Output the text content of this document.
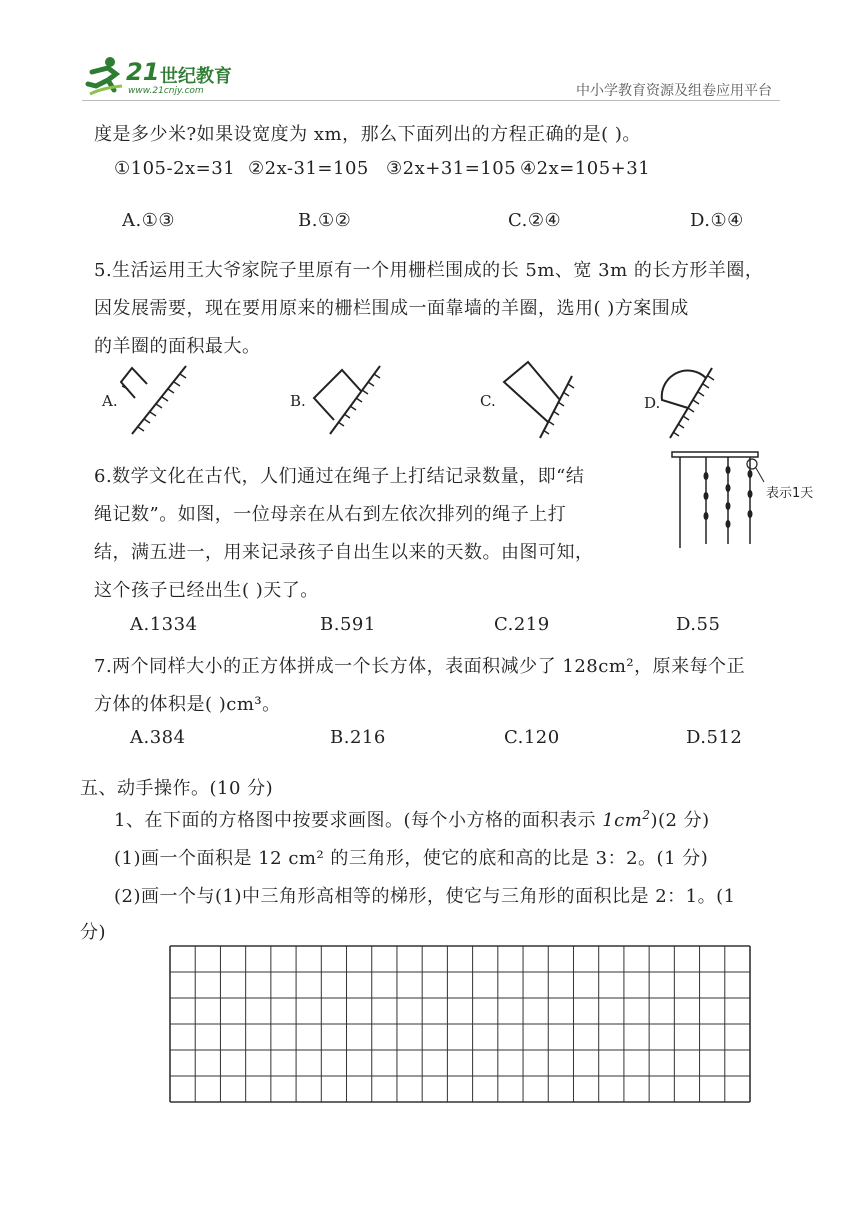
21 世纪教育
www.21cnjy.com	中小学教育资源及组卷应用平台
度是多少米?如果设宽度为 xm，那么下面列出的方程正确的是( )。
①105-2x=31 ②2x-31=105 ③2x+31=105 ④2x=105+31
A.①③	B.①②	C.②④	D.①④
5.生活运用王大爷家院子里原有一个用栅栏围成的长 5m、宽 3m 的长方形羊圈，
因发展需要，现在要用原来的栅栏围成一面靠墙的羊圈，选用( )方案围成
的羊圈的面积最大。
A.	B.	C.	D.
6.数学文化在古代，人们通过在绳子上打结记录数量，即“结
绳记数”。如图，一位母亲在从右到左依次排列的绳子上打
结，满五进一，用来记录孩子自出生以来的天数。由图可知，
这个孩子已经出生( )天了。
表示1天
A.1334	B.591	C.219	D.55
7.两个同样大小的正方体拼成一个长方体，表面积减少了 128cm²，原来每个正
方体的体积是( )cm³。
A.384	B.216	C.120	D.512
五、动手操作。(10 分)
1、在下面的方格图中按要求画图。(每个小方格的面积表示 $1cm^2)(2$ 分)
(1)画一个面积是 12 cm² 的三角形，使它的底和高的比是 3：2。(1 分)
(2)画一个与(1)中三角形高相等的梯形，使它与三角形的面积比是 2：1。(1
分)
